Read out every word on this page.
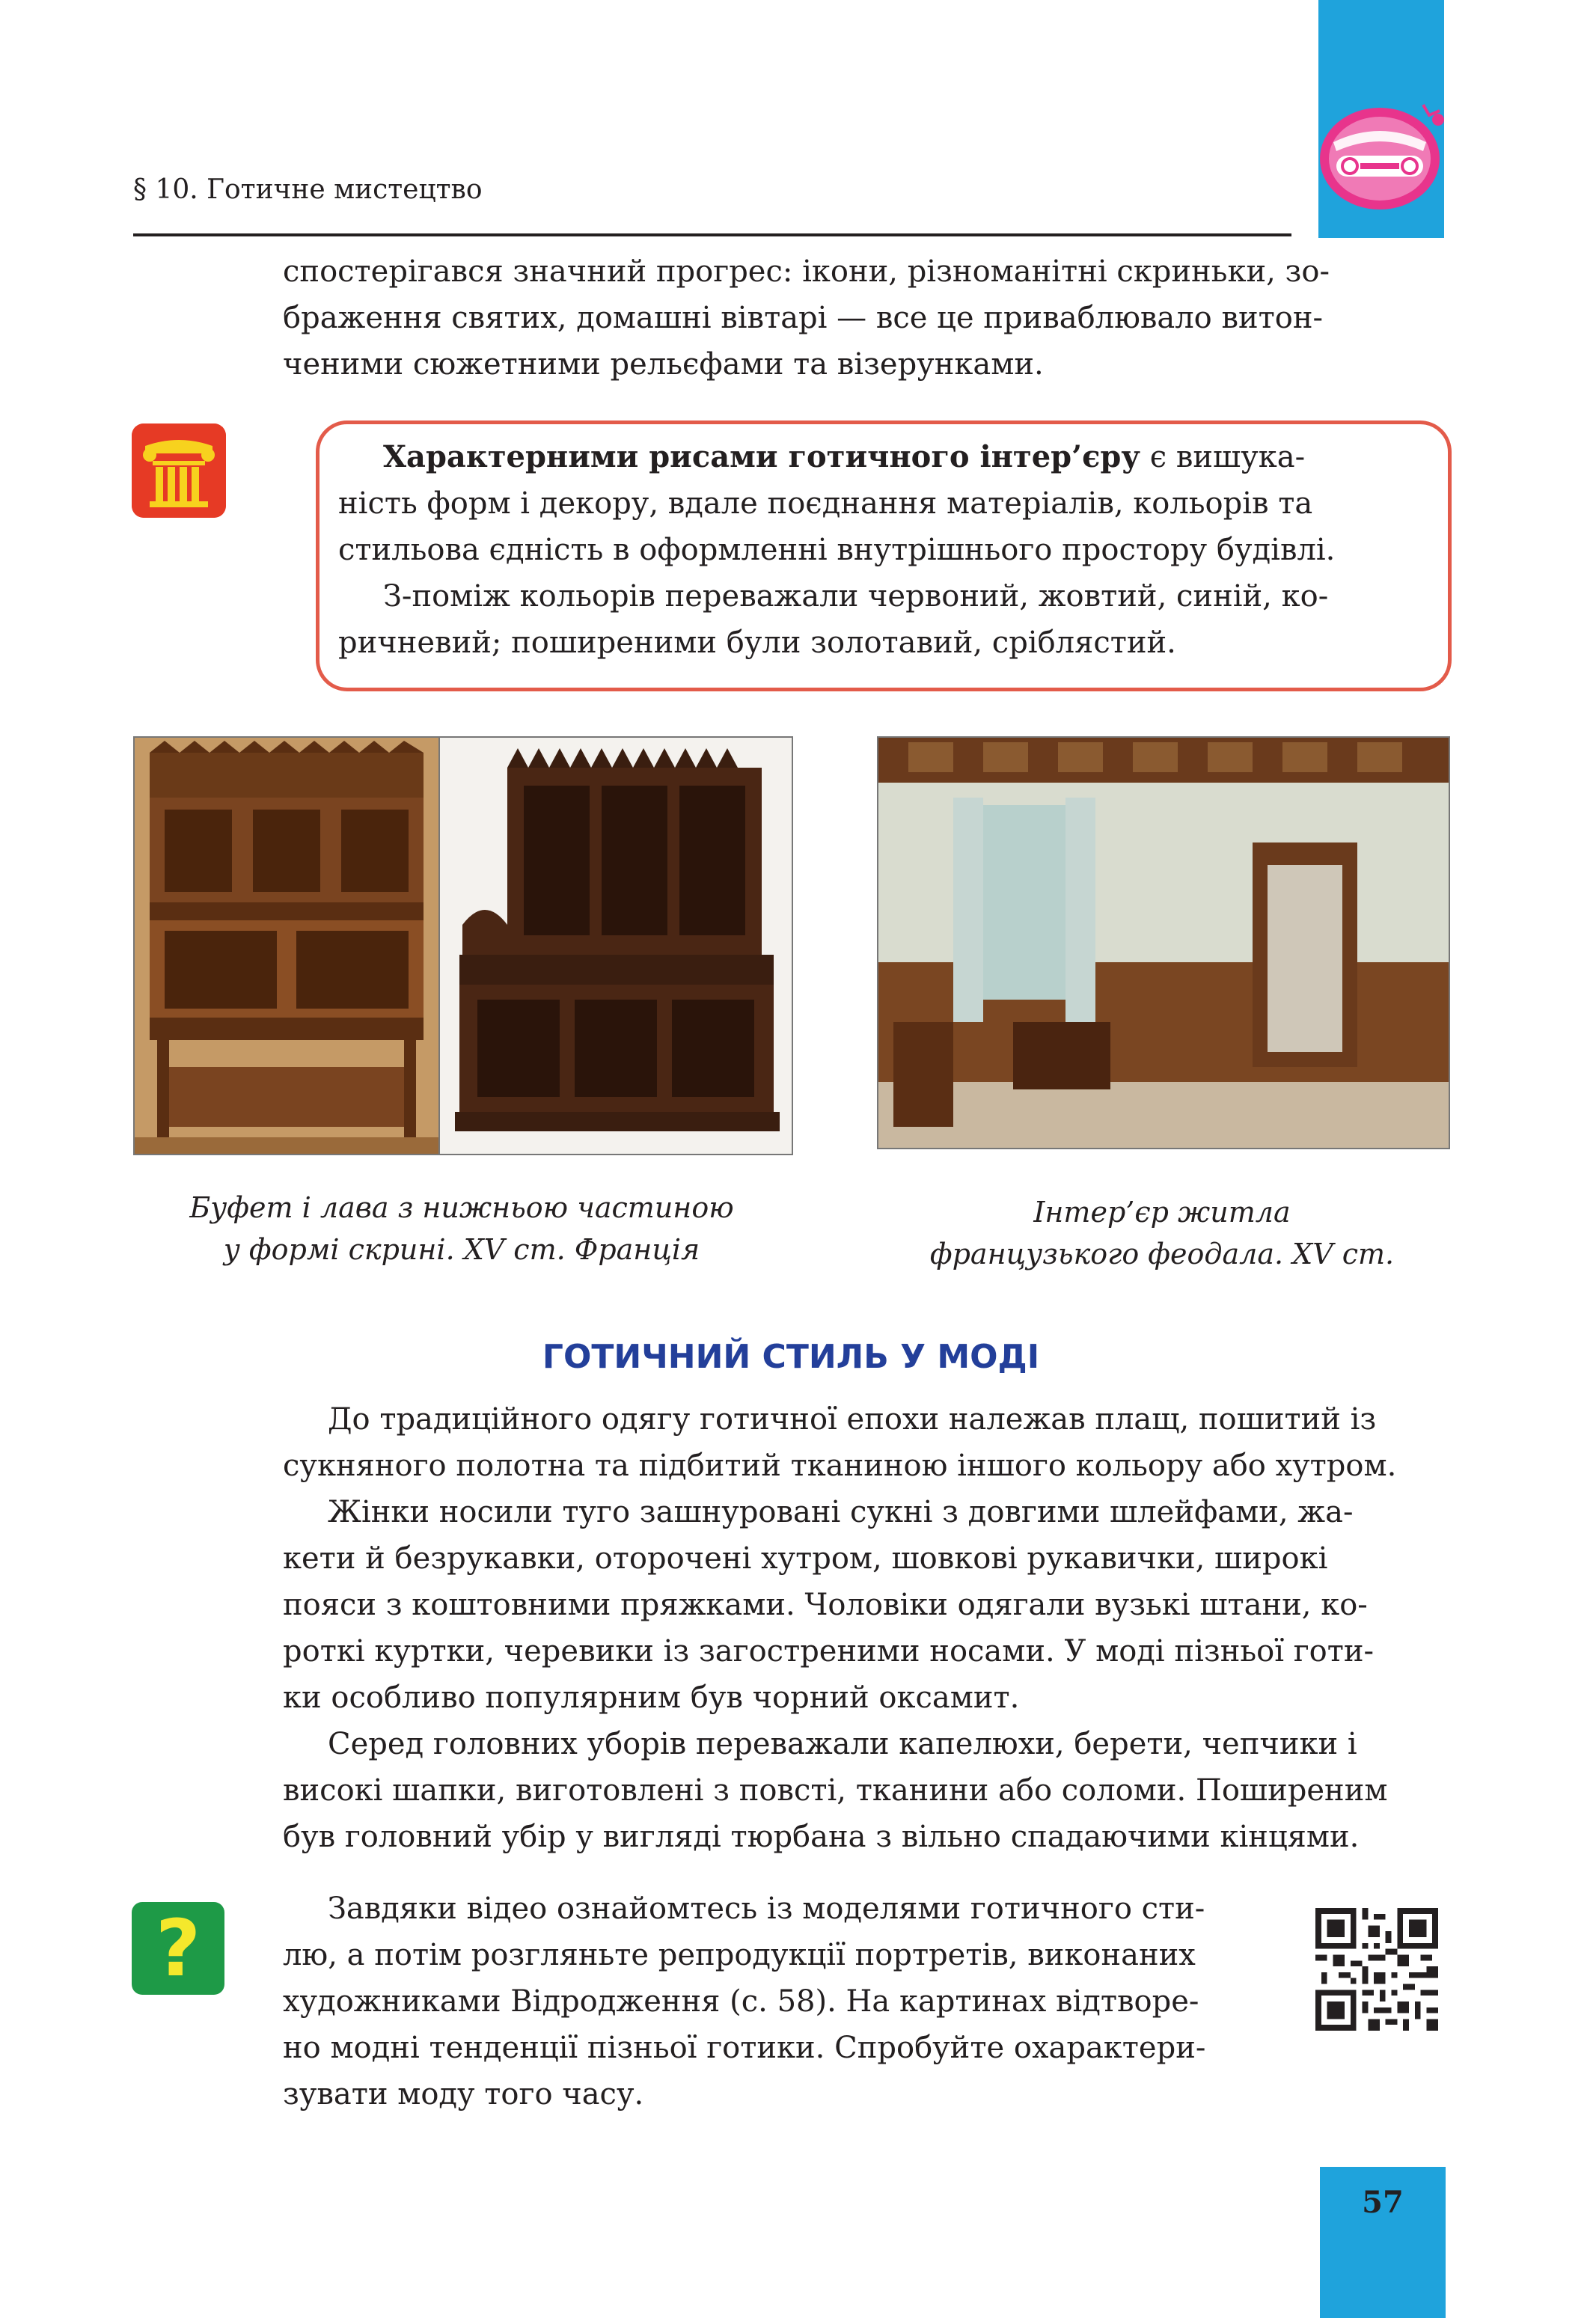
§ 10. Готичне мистецтво
спостерігався значний прогрес: ікони, різноманітні скриньки, зо-
браження святих, домашні вівтарі — все це приваблювало витон-
ченими сюжетними рельєфами та візерунками.
Характерними рисами готичного інтер’єру є вишука-
ність форм і декору, вдале поєднання матеріалів, кольорів та
стильова єдність в оформленні внутрішнього простору будівлі.
З-поміж кольорів переважали червоний, жовтий, синій, ко-
ричневий; поширеними були золотавий, сріблястий.
Буфет і лава з нижньою частиною
у формі скрині. XV ст. Франція
Інтер’єр житла
французького феодала. XV ст.
ГОТИЧНИЙ СТИЛЬ У МОДІ
До традиційного одягу готичної епохи належав плащ, пошитий із
сукняного полотна та підбитий тканиною іншого кольору або хутром.
Жінки носили туго зашнуровані сукні з довгими шлейфами, жа-
кети й безрукавки, оторочені хутром, шовкові рукавички, широкі
пояси з коштовними пряжками. Чоловіки одягали вузькі штани, ко-
роткі куртки, черевики із загостреними носами. У моді пізньої готи-
ки особливо популярним був чорний оксамит.
Серед головних уборів переважали капелюхи, берети, чепчики і
високі шапки, виготовлені з повсті, тканини або соломи. Поширеним
був головний убір у вигляді тюрбана з вільно спадаючими кінцями.
?	Завдяки відео ознайомтесь із моделями готичного сти-
лю, а потім розгляньте репродукції портретів, виконаних
художниками Відродження (с. 58). На картинах відтворе-
но модні тенденції пізньої готики. Спробуйте охарактери-
зувати моду того часу.
57
